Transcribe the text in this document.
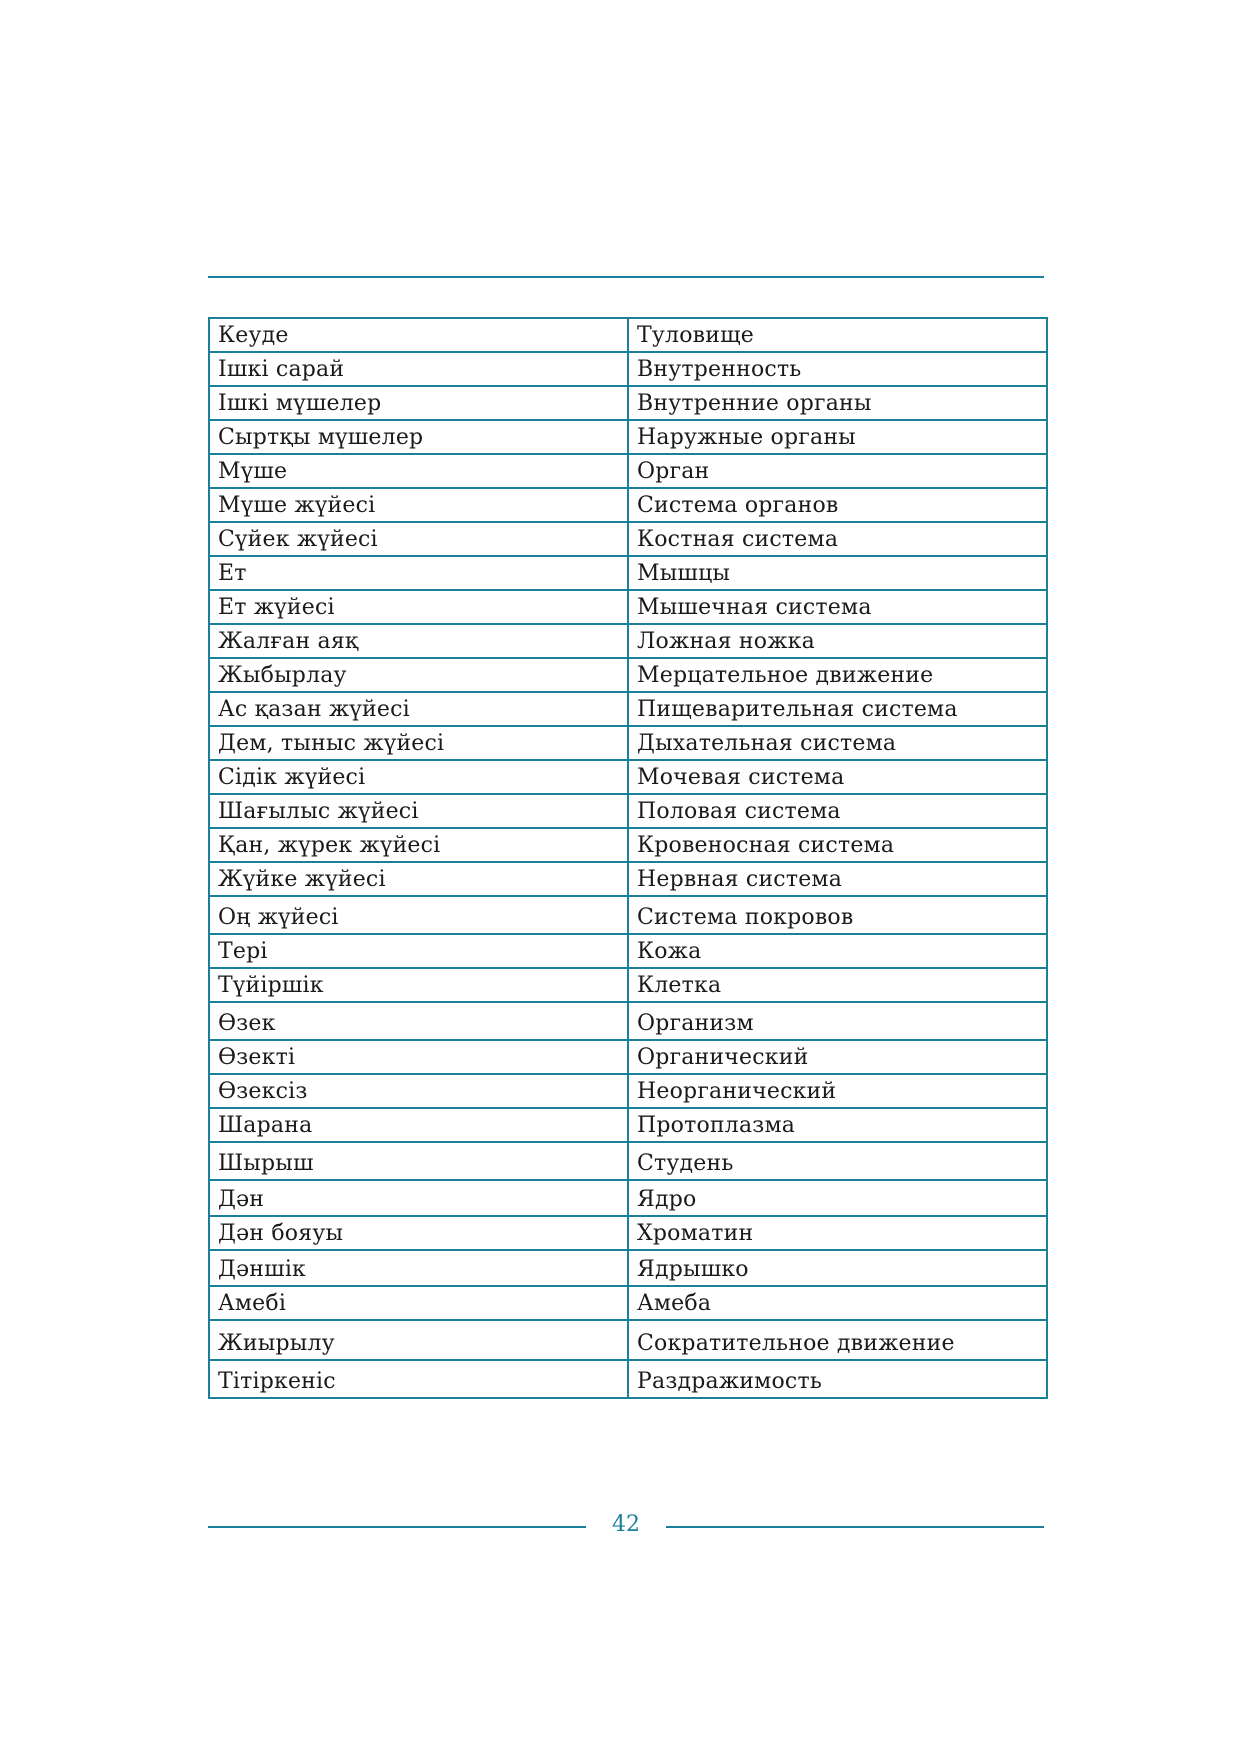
Кеуде	Туловище
Ішкі сарай	Внутренность
Ішкі мүшелер	Внутренние органы
Сыртқы мүшелер	Наружные органы
Мүше	Орган
Мүше жүйесі	Система органов
Сүйек жүйесі	Костная система
Ет	Мышцы
Ет жүйесі	Мышечная система
Жалған аяқ	Ложная ножка
Жыбырлау	Мерцательное движение
Ас қазан жүйесі	Пищеварительная система
Дем, тыныс жүйесі	Дыхательная система
Сідік жүйесі	Мочевая система
Шағылыс жүйесі	Половая система
Қан, жүрек жүйесі	Кровеносная система
Жүйке жүйесі	Нервная система
Оң жүйесі	Система покровов
Тері	Кожа
Түйіршік	Клетка
Өзек	Организм
Өзекті	Органический
Өзексіз	Неорганический
Шарана	Протоплазма
Шырыш	Студень
Дән	Ядро
Дән бояуы	Хроматин
Дәншік	Ядрышко
Амебі	Амеба
Жиырылу	Сократительное движение
Тітіркеніс	Раздражимость
42
